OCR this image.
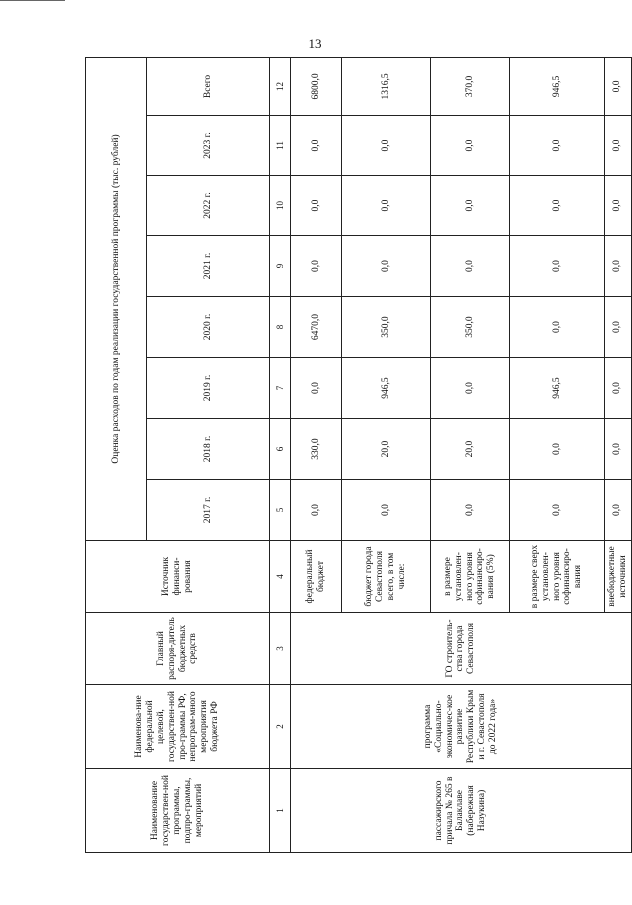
13
Наименование государствен-ной программы, подпро-граммы, мероприятий	Наименова-ние федеральной целевой, государствен-ной про-граммы РФ, непрограм-много мероприятия бюджета РФ	Главный распоря-дитель бюджетных средств	Источник финанси-рования	Оценка расходов по годам реализации государственной программы (тыс. рублей)							
				2017 г.	2018 г.	2019 г.	2020 г.	2021 г.	2022 г.	2023 г.	Всего
1	2	3	4	5	6	7	8	9	10	11	12
пассажирского причала № 265 в Балаклаве (набережная Назукина)	программа «Социально-экономичес-кое развитие Республики Крым и г. Севастополя до 2022 года»	ГО строитель-ства города Севастополя	федеральный бюджет	0,0	330,0	0,0	6470,0	0,0	0,0	0,0	6800,0
			бюджет города Севастополя всего, в том числе:	0,0	20,0	946,5	350,0	0,0	0,0	0,0	1316,5
			в размере установлен-ного уровня софинансиро-вания (5%)	0,0	20,0	0,0	350,0	0,0	0,0	0,0	370,0
			в размере сверх установлен-ного уровня софинансиро-вания	0,0	0,0	946,5	0,0	0,0	0,0	0,0	946,5
			внебюджетные источники	0,0	0,0	0,0	0,0	0,0	0,0	0,0	0,0
